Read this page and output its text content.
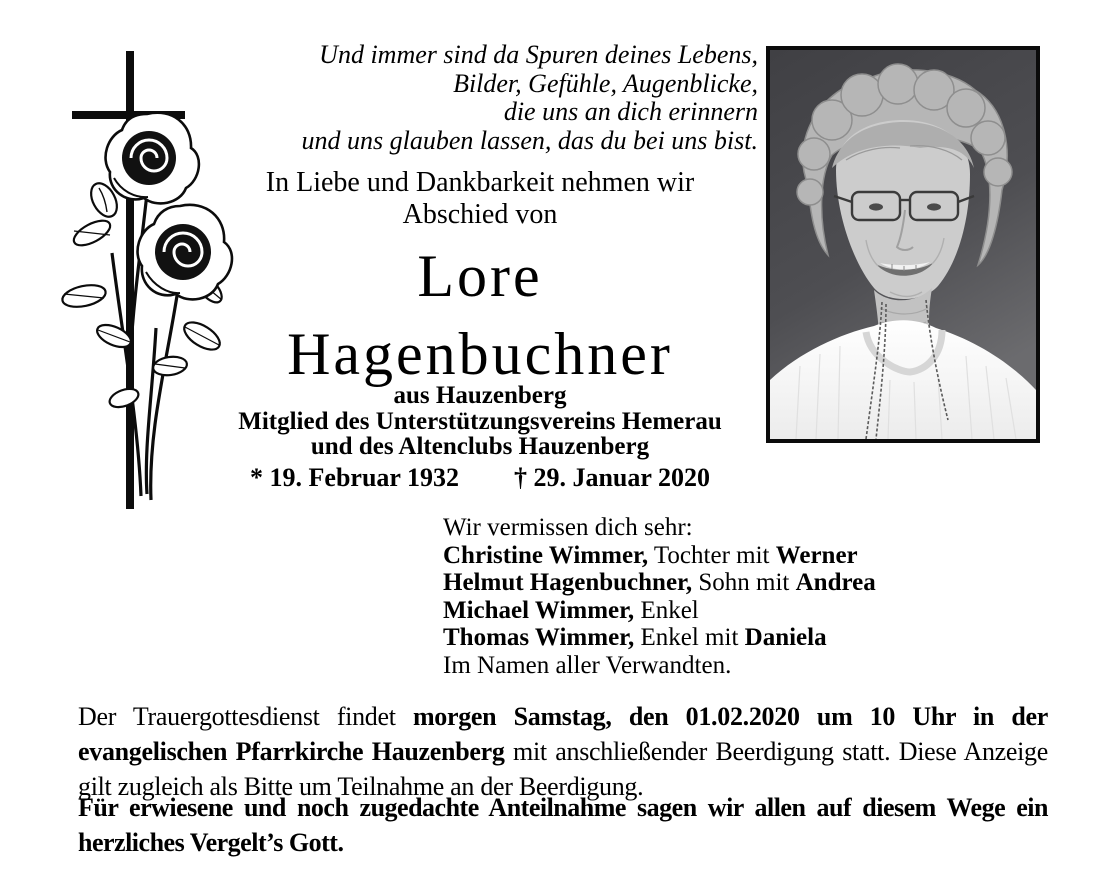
Und immer sind da Spuren deines Lebens,
Bilder, Gefühle, Augenblicke,
die uns an dich erinnern
und uns glauben lassen, das du bei uns bist.
In Liebe und Dankbarkeit nehmen wir
Abschied von
Lore
Hagenbuchner
aus Hauzenberg
Mitglied des Unterstützungsvereins Hemerau
und des Altenclubs Hauzenberg
* 19. Februar 1932 † 29. Januar 2020
Wir vermissen dich sehr:
Christine Wimmer, Tochter mit Werner
Helmut Hagenbuchner, Sohn mit Andrea
Michael Wimmer, Enkel
Thomas Wimmer, Enkel mit Daniela
Im Namen aller Verwandten.
Der Trauergottesdienst findet morgen Samstag, den 01.02.2020 um 10 Uhr in der evangelischen Pfarrkirche Hauzenberg mit anschließender Beerdigung statt. Diese Anzeige gilt zugleich als Bitte um Teilnahme an der Beerdigung.
Für erwiesene und noch zugedachte Anteilnahme sagen wir allen auf diesem Wege ein herzliches Vergelt’s Gott.
